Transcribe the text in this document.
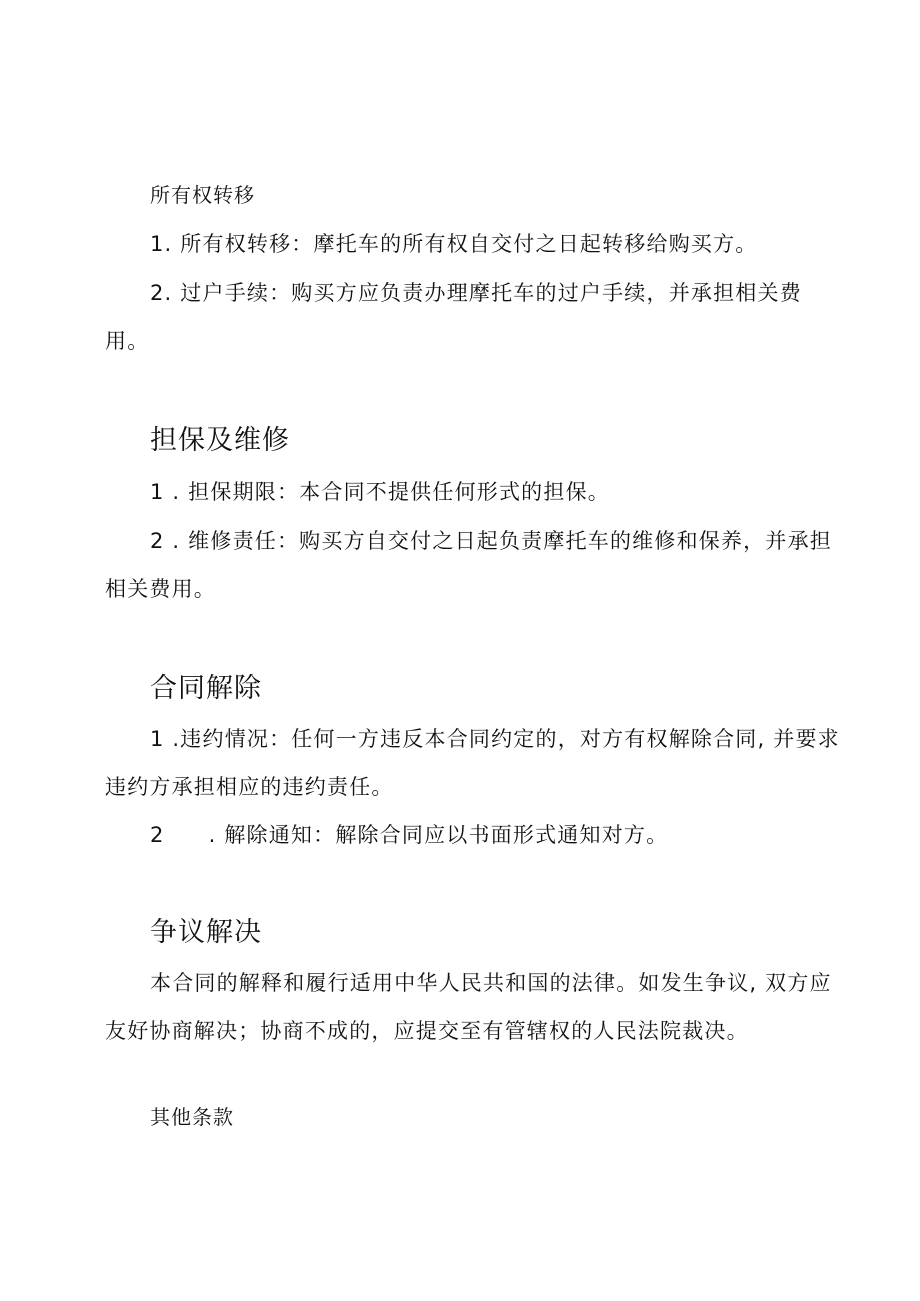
所有权转移
1. 所有权转移：摩托车的所有权自交付之日起转移给购买方。
2. 过户手续：购买方应负责办理摩托车的过户手续，并承担相关费
用。
担保及维修
1 . 担保期限：本合同不提供任何形式的担保。
2 . 维修责任：购买方自交付之日起负责摩托车的维修和保养，并承担
相关费用。
合同解除
1 .违约情况：任何一方违反本合同约定的，对方有权解除合同, 并要求
违约方承担相应的违约责任。
2 . 解除通知：解除合同应以书面形式通知对方。
争议解决
本合同的解释和履行适用中华人民共和国的法律。如发生争议, 双方应
友好协商解决；协商不成的，应提交至有管辖权的人民法院裁决。
其他条款
